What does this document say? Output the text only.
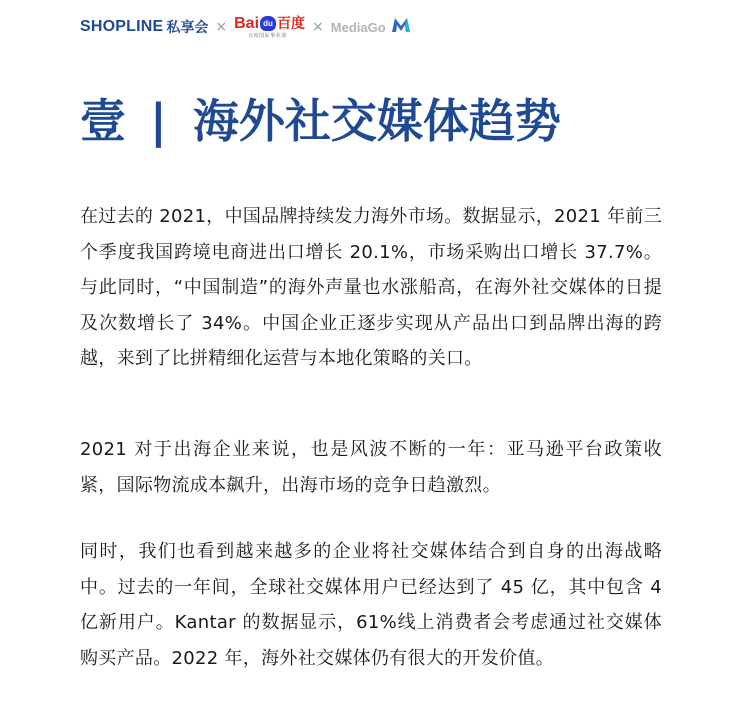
SHOPLINE 私享会 × Bai du 百度
百度国际事业部
× MediaGo
壹 | 海外社交媒体趋势

在过去的 2021，中国品牌持续发力海外市场。数据显示，2021 年前三个季度我国跨境电商进出口增长 20.1%，市场采购出口增长 37.7%。与此同时，“中国制造”的海外声量也水涨船高，在海外社交媒体的日提及次数增长了 34%。中国企业正逐步实现从产品出口到品牌出海的跨越，来到了比拼精细化运营与本地化策略的关口。

2021 对于出海企业来说，也是风波不断的一年：亚马逊平台政策收紧，国际物流成本飙升，出海市场的竞争日趋激烈。

同时，我们也看到越来越多的企业将社交媒体结合到自身的出海战略中。过去的一年间，全球社交媒体用户已经达到了 45 亿，其中包含 4 亿新用户。Kantar 的数据显示，61%线上消费者会考虑通过社交媒体购买产品。2022 年，海外社交媒体仍有很大的开发价值。
